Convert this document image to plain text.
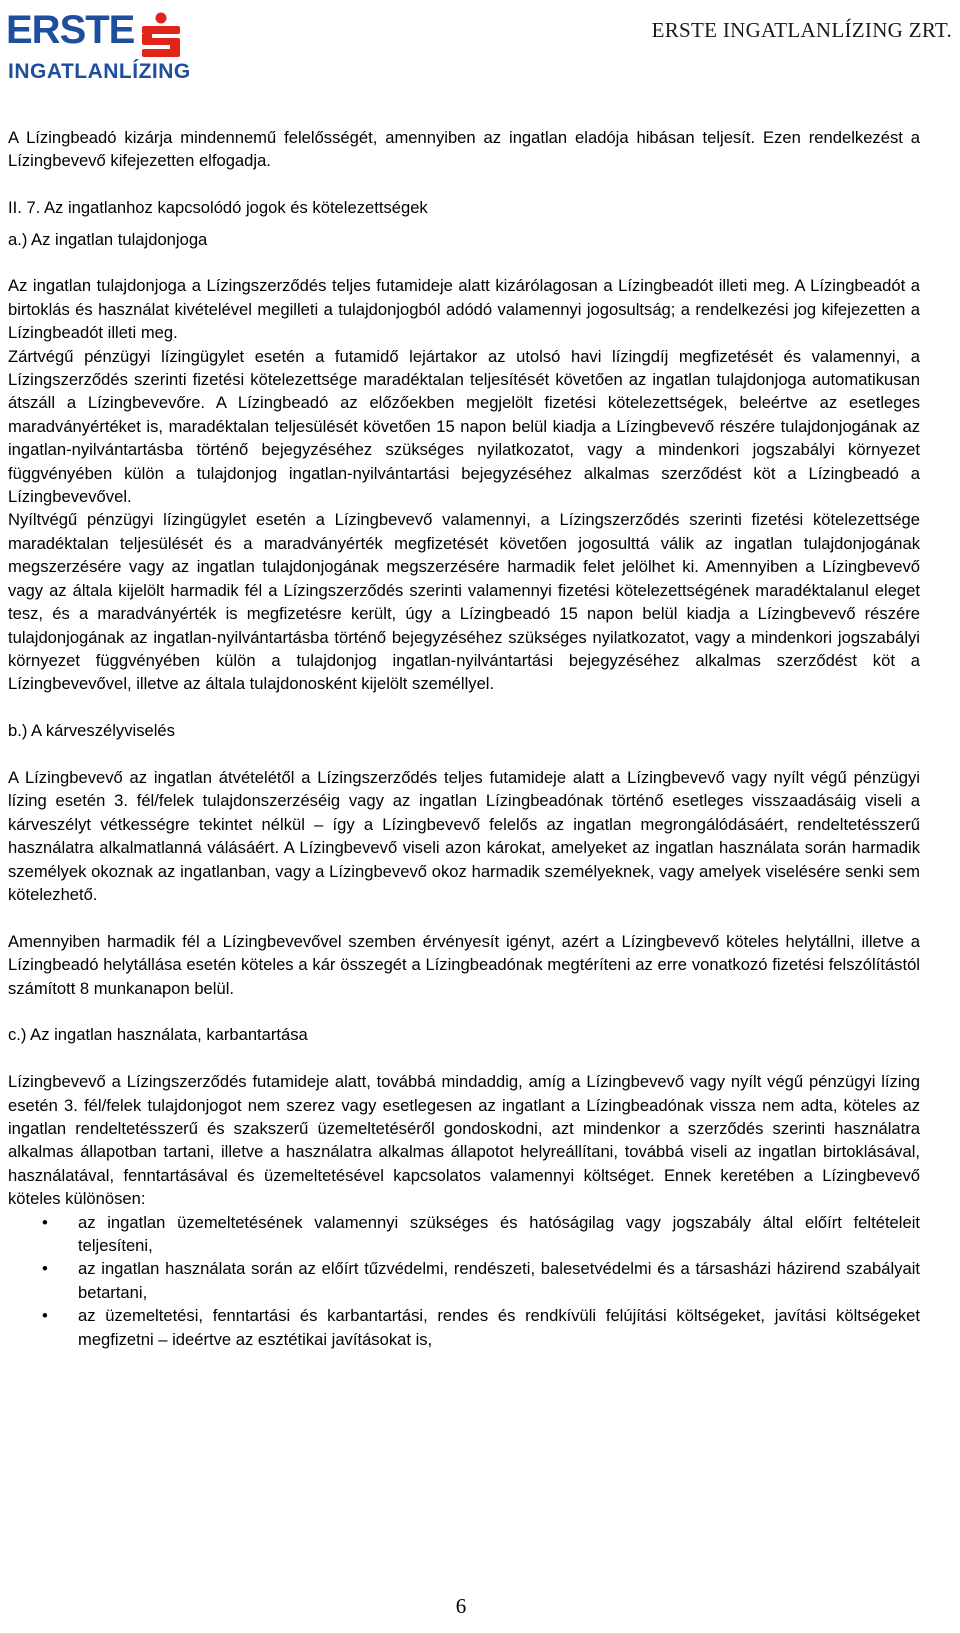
ERSTE
INGATLANLÍZING
ERSTE INGATLANLÍZING ZRT.

A Lízingbeadó kizárja mindennemű felelősségét, amennyiben az ingatlan eladója hibásan teljesít. Ezen rendelkezést a Lízingbevevő kifejezetten elfogadja.

II. 7. Az ingatlanhoz kapcsolódó jogok és kötelezettségek

a.) Az ingatlan tulajdonjoga

Az ingatlan tulajdonjoga a Lízingszerződés teljes futamideje alatt kizárólagosan a Lízingbeadót illeti meg. A Lízingbeadót a birtoklás és használat kivételével megilleti a tulajdonjogból adódó valamennyi jogosultság; a rendelkezési jog kifejezetten a Lízingbeadót illeti meg.

Zártvégű pénzügyi lízingügylet esetén a futamidő lejártakor az utolsó havi lízingdíj megfizetését és valamennyi, a Lízingszerződés szerinti fizetési kötelezettsége maradéktalan teljesítését követően az ingatlan tulajdonjoga automatikusan átszáll a Lízingbevevőre. A Lízingbeadó az előzőekben megjelölt fizetési kötelezettségek, beleértve az esetleges maradványértéket is, maradéktalan teljesülését követően 15 napon belül kiadja a Lízingbevevő részére tulajdonjogának az ingatlan-nyilvántartásba történő bejegyzéséhez szükséges nyilatkozatot, vagy a mindenkori jogszabályi környezet függvényében külön a tulajdonjog ingatlan-nyilvántartási bejegyzéséhez alkalmas szerződést köt a Lízingbeadó a Lízingbevevővel.

Nyíltvégű pénzügyi lízingügylet esetén a Lízingbevevő valamennyi, a Lízingszerződés szerinti fizetési kötelezettsége maradéktalan teljesülését és a maradványérték megfizetését követően jogosulttá válik az ingatlan tulajdonjogának megszerzésére vagy az ingatlan tulajdonjogának megszerzésére harmadik felet jelölhet ki. Amennyiben a Lízingbevevő vagy az általa kijelölt harmadik fél a Lízingszerződés szerinti valamennyi fizetési kötelezettségének maradéktalanul eleget tesz, és a maradványérték is megfizetésre került, úgy a Lízingbeadó 15 napon belül kiadja a Lízingbevevő részére tulajdonjogának az ingatlan-nyilvántartásba történő bejegyzéséhez szükséges nyilatkozatot, vagy a mindenkori jogszabályi környezet függvényében külön a tulajdonjog ingatlan-nyilvántartási bejegyzéséhez alkalmas szerződést köt a Lízingbevevővel, illetve az általa tulajdonosként kijelölt személlyel.

b.) A kárveszélyviselés

A Lízingbevevő az ingatlan átvételétől a Lízingszerződés teljes futamideje alatt a Lízingbevevő vagy nyílt végű pénzügyi lízing esetén 3. fél/felek tulajdonszerzéséig vagy az ingatlan Lízingbeadónak történő esetleges visszaadásáig viseli a kárveszélyt vétkességre tekintet nélkül – így a Lízingbevevő felelős az ingatlan megrongálódásáért, rendeltetésszerű használatra alkalmatlanná válásáért. A Lízingbevevő viseli azon károkat, amelyeket az ingatlan használata során harmadik személyek okoznak az ingatlanban, vagy a Lízingbevevő okoz harmadik személyeknek, vagy amelyek viselésére senki sem kötelezhető.

Amennyiben harmadik fél a Lízingbevevővel szemben érvényesít igényt, azért a Lízingbevevő köteles helytállni, illetve a Lízingbeadó helytállása esetén köteles a kár összegét a Lízingbeadónak megtéríteni az erre vonatkozó fizetési felszólítástól számított 8 munkanapon belül.

c.) Az ingatlan használata, karbantartása

Lízingbevevő a Lízingszerződés futamideje alatt, továbbá mindaddig, amíg a Lízingbevevő vagy nyílt végű pénzügyi lízing esetén 3. fél/felek tulajdonjogot nem szerez vagy esetlegesen az ingatlant a Lízingbeadónak vissza nem adta, köteles az ingatlan rendeltetésszerű és szakszerű üzemeltetéséről gondoskodni, azt mindenkor a szerződés szerinti használatra alkalmas állapotban tartani, illetve a használatra alkalmas állapotot helyreállítani, továbbá viseli az ingatlan birtoklásával, használatával, fenntartásával és üzemeltetésével kapcsolatos valamennyi költséget. Ennek keretében a Lízingbevevő köteles különösen:

• az ingatlan üzemeltetésének valamennyi szükséges és hatóságilag vagy jogszabály által előírt feltételeit teljesíteni,
• az ingatlan használata során az előírt tűzvédelmi, rendészeti, balesetvédelmi és a társasházi házirend szabályait betartani,
• az üzemeltetési, fenntartási és karbantartási, rendes és rendkívüli felújítási költségeket, javítási költségeket megfizetni – ideértve az esztétikai javításokat is,
6
